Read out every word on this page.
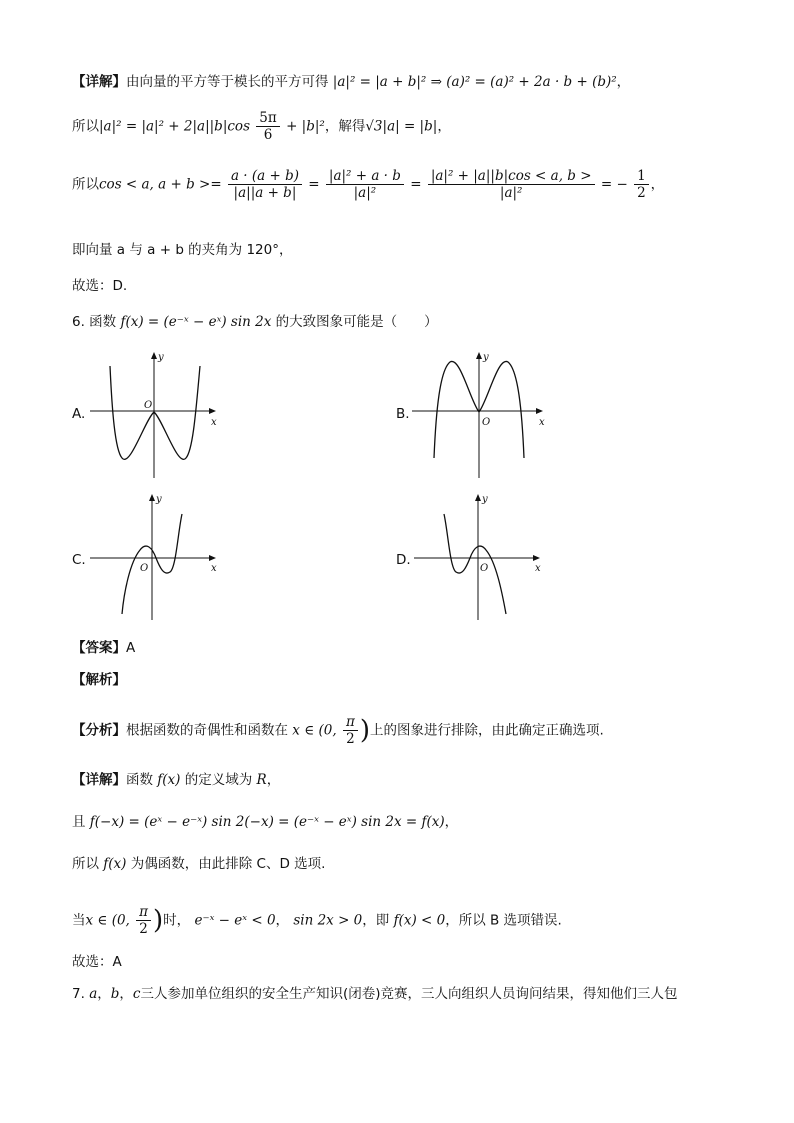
【详解】由向量的平方等于模长的平方可得 |a|² = |a + b|² ⇒ (a)² = (a)² + 2a · b + (b)²，
所以$|a|^2 = |a|^2 + 2|a||b|\cos \frac{5\pi}{6} + |b|^2$，解得√3|a| = |b|，
所以cos < a, $a + b >= \frac{a \cdot (a + b)}{|a||a + b|} = \frac{\text{|a|² + a · b}}{\text{|a|²}} = \frac{\text{|a|² + |a||b|cos < a, b >}}{\text{|a|²}}$ = − $\frac{1}{2}$ ，
即向量 a 与 a + b 的夹角为 120°，
故选：D.
6. 函数 f(x) = (e⁻ˣ − eˣ) sin 2x 的大致图象可能是（　　）
A.
x
y
O
B.
x
y
O
C.
x
y
O
D.
x
y
O
【答案】A
【解析】
【分析】根据函数的奇偶性和函数在 x ∈ (0, $\frac{\pi}{2}$ )上的图象进行排除，由此确定正确选项.
【详解】函数 f(x) 的定义域为 R，
且 f(−x) = (eˣ − e⁻ˣ) sin 2(−x) = (e⁻ˣ − eˣ) sin 2x = f(x)，
所以 f(x) 为偶函数，由此排除 C、D 选项.
当x ∈ (0, $\frac{\pi}{2}$ )时， e⁻ˣ − eˣ < 0， sin 2x > 0，即 f(x) < 0，所以 B 选项错误.
故选：A
7. a，b，c三人参加单位组织的安全生产知识(闭卷)竞赛，三人向组织人员询问结果，得知他们三人包
